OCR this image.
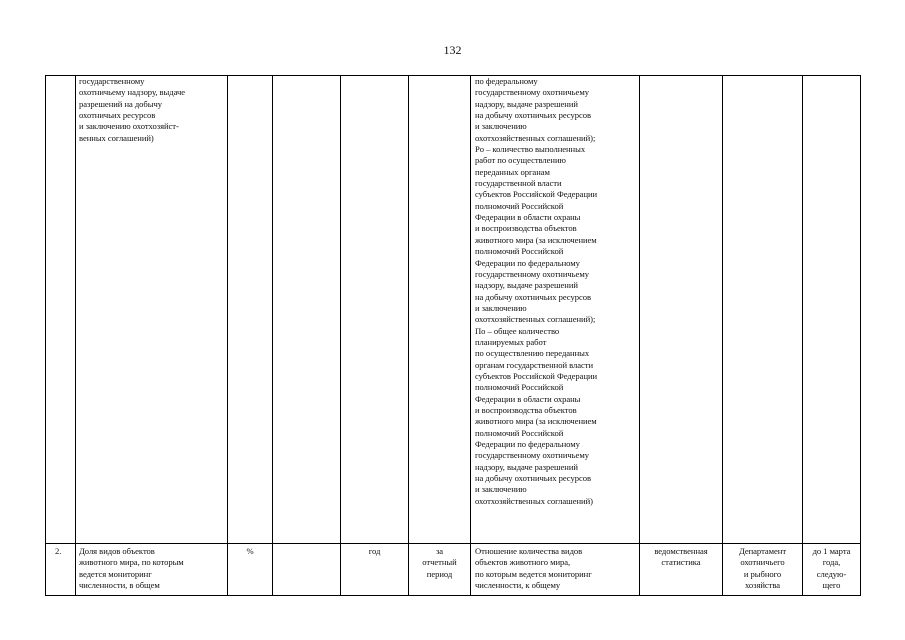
132
государственному
охотничьему надзору, выдаче
разрешений на добычу
охотничьих ресурсов
и заключению охотхозяйст-
венных соглашений)
по федеральному
государственному охотничьему
надзору, выдаче разрешений
на добычу охотничьих ресурсов
и заключению
охотхозяйственных соглашений);
Pо – количество выполненных
работ по осуществлению
переданных органам
государственной власти
субъектов Российской Федерации
полномочий Российской
Федерации в области охраны
и воспроизводства объектов
животного мира (за исключением
полномочий Российской
Федерации по федеральному
государственному охотничьему
надзору, выдаче разрешений
на добычу охотничьих ресурсов
и заключению
охотхозяйственных соглашений);
По – общее количество
планируемых работ
по осуществлению переданных
органам государственной власти
субъектов Российской Федерации
полномочий Российской
Федерации в области охраны
и воспроизводства объектов
животного мира (за исключением
полномочий Российской
Федерации по федеральному
государственному охотничьему
надзору, выдаче разрешений
на добычу охотничьих ресурсов
и заключению
охотхозяйственных соглашений)
2. Доля видов объектов
животного мира, по которым
ведется мониторинг
численности, в общем
%	год	за
отчетный
период
Отношение количества видов
объектов животного мира,
по которым ведется мониторинг
численности, к общему
ведомственная
статистика
Департамент
охотничьего
и рыбного
хозяйства
до 1 марта
года,
следую-
щего
